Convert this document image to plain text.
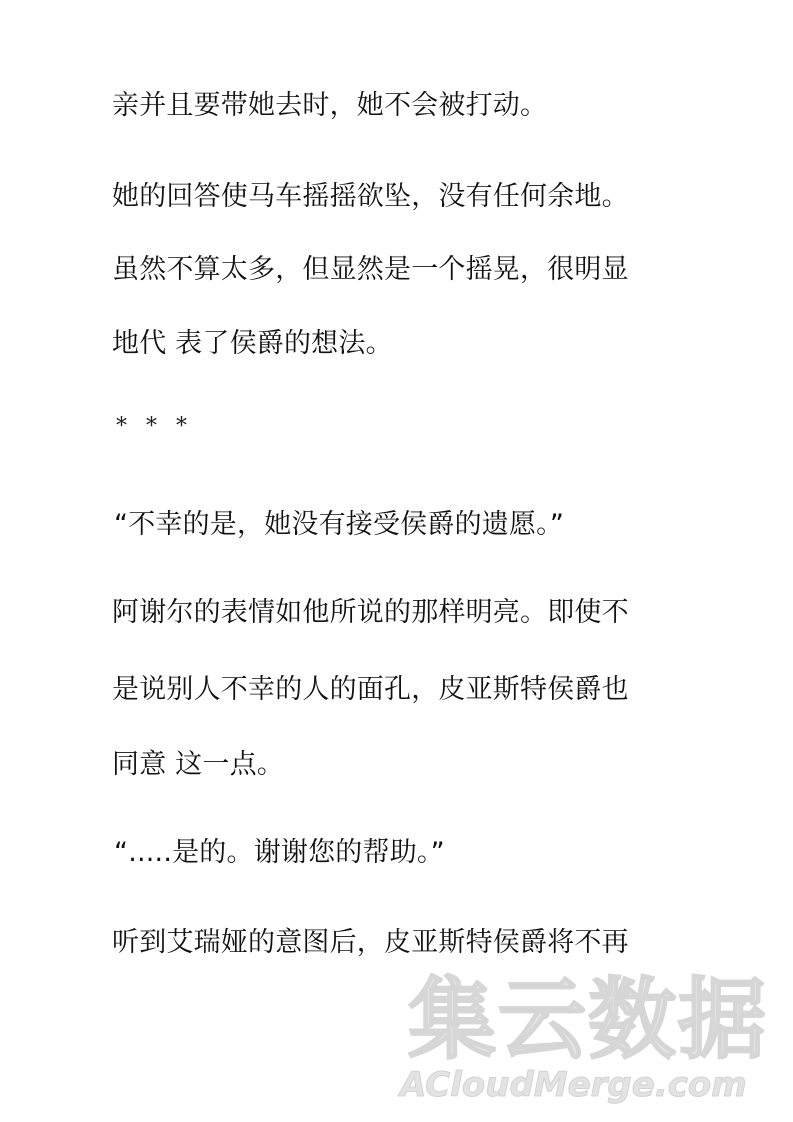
亲并且要带她去时，她不会被打动。
她的回答使马车摇摇欲坠，没有任何余地。
虽然不算太多，但显然是一个摇晃，很明显
地代 表了侯爵的想法。
* * *
“不幸的是，她没有接受侯爵的遗愿。”
阿谢尔的表情如他所说的那样明亮。即使不
是说别人不幸的人的面孔，皮亚斯特侯爵也
同意 这一点。
“.....是的。谢谢您的帮助。”
听到艾瑞娅的意图后，皮亚斯特侯爵将不再
集云数据
ACloudMerge.com
